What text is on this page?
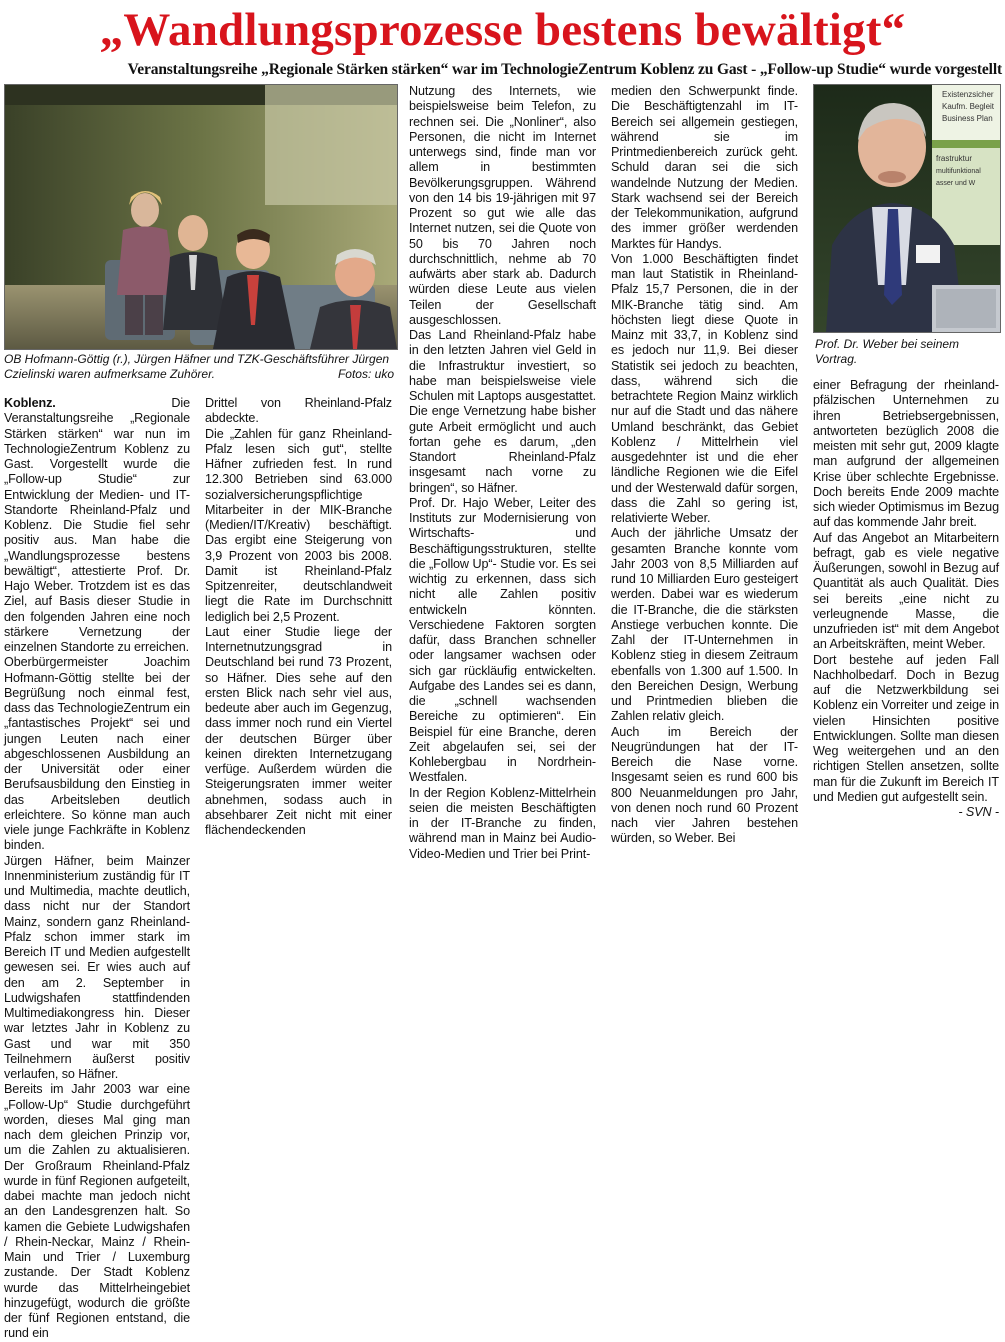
„Wandlungsprozesse bestens bewältigt“
Veranstaltungsreihe „Regionale Stärken stärken“ war im TechnologieZentrum Koblenz zu Gast - „Follow-up Studie“ wurde vorgestellt
OB Hofmann-Göttig (r.), Jürgen Häfner und TZK-Geschäftsführer Jürgen Czielinski waren aufmerksame Zuhörer.	Fotos: uko
Existenzsicher
Kaufm. Begleit
Business Plan
frastruktur
multifunktional
asser und W
Prof. Dr. Weber bei seinem Vortrag.

Koblenz. Die Veranstaltungsreihe „Regionale Stärken stärken“ war nun im TechnologieZentrum Koblenz zu Gast. Vorgestellt wurde die „Follow-up Studie“ zur Entwicklung der Medien- und IT-Standorte Rheinland-Pfalz und Koblenz. Die Studie fiel sehr positiv aus. Man habe die „Wandlungsprozesse bestens bewältigt“, attestierte Prof. Dr. Hajo Weber. Trotzdem ist es das Ziel, auf Basis dieser Studie in den folgenden Jahren eine noch stärkere Vernetzung der einzelnen Standorte zu erreichen.

Oberbürgermeister Joachim Hofmann-Göttig stellte bei der Begrüßung noch einmal fest, dass das TechnologieZentrum ein „fantastisches Projekt“ sei und jungen Leuten nach einer abgeschlossenen Ausbildung an der Universität oder einer Berufsausbildung den Einstieg in das Arbeitsleben deutlich erleichtere. So könne man auch viele junge Fachkräfte in Koblenz binden.

Jürgen Häfner, beim Mainzer Innenministerium zuständig für IT und Multimedia, machte deutlich, dass nicht nur der Standort Mainz, sondern ganz Rheinland-Pfalz schon immer stark im Bereich IT und Medien aufgestellt gewesen sei. Er wies auch auf den am 2. September in Ludwigshafen stattfindenden Multimediakongress hin. Dieser war letztes Jahr in Koblenz zu Gast und war mit 350 Teilnehmern äußerst positiv verlaufen, so Häfner.

Bereits im Jahr 2003 war eine „Follow-Up“ Studie durchgeführt worden, dieses Mal ging man nach dem gleichen Prinzip vor, um die Zahlen zu aktualisieren. Der Großraum Rheinland-Pfalz wurde in fünf Regionen aufgeteilt, dabei machte man jedoch nicht an den Landesgrenzen halt. So kamen die Gebiete Ludwigshafen / Rhein-Neckar, Mainz / Rhein-Main und Trier / Luxemburg zustande. Der Stadt Koblenz wurde das Mittelrheingebiet hinzugefügt, wodurch die größte der fünf Regionen entstand, die rund ein

Drittel von Rheinland-Pfalz abdeckte.

Die „Zahlen für ganz Rheinland-Pfalz lesen sich gut“, stellte Häfner zufrieden fest. In rund 12.300 Betrieben sind 63.000 sozialversicherungspflichtige Mitarbeiter in der MIK-Branche (Medien/IT/Kreativ) beschäftigt. Das ergibt eine Steigerung von 3,9 Prozent von 2003 bis 2008. Damit ist Rheinland-Pfalz Spitzenreiter, deutschlandweit liegt die Rate im Durchschnitt lediglich bei 2,5 Prozent.

Laut einer Studie liege der Internetnutzungsgrad in Deutschland bei rund 73 Prozent, so Häfner. Dies sehe auf den ersten Blick nach sehr viel aus, bedeute aber auch im Gegenzug, dass immer noch rund ein Viertel der deutschen Bürger über keinen direkten Internetzugang verfüge. Außerdem würden die Steigerungsraten immer weiter abnehmen, sodass auch in absehbarer Zeit nicht mit einer flächendeckenden

Nutzung des Internets, wie beispielsweise beim Telefon, zu rechnen sei. Die „Nonliner“, also Personen, die nicht im Internet unterwegs sind, finde man vor allem in bestimmten Bevölkerungsgruppen. Während von den 14 bis 19-jährigen mit 97 Prozent so gut wie alle das Internet nutzen, sei die Quote von 50 bis 70 Jahren noch durchschnittlich, nehme ab 70 aufwärts aber stark ab. Dadurch würden diese Leute aus vielen Teilen der Gesellschaft ausgeschlossen.

Das Land Rheinland-Pfalz habe in den letzten Jahren viel Geld in die Infrastruktur investiert, so habe man beispielsweise viele Schulen mit Laptops ausgestattet. Die enge Vernetzung habe bisher gute Arbeit ermöglicht und auch fortan gehe es darum, „den Standort Rheinland-Pfalz insgesamt nach vorne zu bringen“, so Häfner.

Prof. Dr. Hajo Weber, Leiter des Instituts zur Modernisierung von Wirtschafts- und Beschäftigungsstrukturen, stellte die „Follow Up“- Studie vor. Es sei wichtig zu erkennen, dass sich nicht alle Zahlen positiv entwickeln könnten. Verschiedene Faktoren sorgten dafür, dass Branchen schneller oder langsamer wachsen oder sich gar rückläufig entwickelten. Aufgabe des Landes sei es dann, die „schnell wachsenden Bereiche zu optimieren“. Ein Beispiel für eine Branche, deren Zeit abgelaufen sei, sei der Kohlebergbau in Nordrhein-Westfalen.

In der Region Koblenz-Mittelrhein seien die meisten Beschäftigten in der IT-Branche zu finden, während man in Mainz bei Audio-Video-Medien und Trier bei Print-

medien den Schwerpunkt finde. Die Beschäftigtenzahl im IT-Bereich sei allgemein gestiegen, während sie im Printmedienbereich zurück geht. Schuld daran sei die sich wandelnde Nutzung der Medien. Stark wachsend sei der Bereich der Telekommunikation, aufgrund des immer größer werdenden Marktes für Handys.

Von 1.000 Beschäftigten findet man laut Statistik in Rheinland-Pfalz 15,7 Personen, die in der MIK-Branche tätig sind. Am höchsten liegt diese Quote in Mainz mit 33,7, in Koblenz sind es jedoch nur 11,9. Bei dieser Statistik sei jedoch zu beachten, dass, während sich die betrachtete Region Mainz wirklich nur auf die Stadt und das nähere Umland beschränkt, das Gebiet Koblenz / Mittelrhein viel ausgedehnter ist und die eher ländliche Regionen wie die Eifel und der Westerwald dafür sorgen, dass die Zahl so gering ist, relativierte Weber.

Auch der jährliche Umsatz der gesamten Branche konnte vom Jahr 2003 von 8,5 Milliarden auf rund 10 Milliarden Euro gesteigert werden. Dabei war es wiederum die IT-Branche, die die stärksten Anstiege verbuchen konnte. Die Zahl der IT-Unternehmen in Koblenz stieg in diesem Zeitraum ebenfalls von 1.300 auf 1.500. In den Bereichen Design, Werbung und Printmedien blieben die Zahlen relativ gleich.

Auch im Bereich der Neugründungen hat der IT-Bereich die Nase vorne. Insgesamt seien es rund 600 bis 800 Neuanmeldungen pro Jahr, von denen noch rund 60 Prozent nach vier Jahren bestehen würden, so Weber. Bei

einer Befragung der rheinland-pfälzischen Unternehmen zu ihren Betriebsergebnissen, antworteten bezüglich 2008 die meisten mit sehr gut, 2009 klagte man aufgrund der allgemeinen Krise über schlechte Ergebnisse. Doch bereits Ende 2009 machte sich wieder Optimismus im Bezug auf das kommende Jahr breit.

Auf das Angebot an Mitarbeitern befragt, gab es viele negative Äußerungen, sowohl in Bezug auf Quantität als auch Qualität. Dies sei bereits „eine nicht zu verleugnende Masse, die unzufrieden ist“ mit dem Angebot an Arbeitskräften, meint Weber.

Dort bestehe auf jeden Fall Nachholbedarf. Doch in Bezug auf die Netzwerkbildung sei Koblenz ein Vorreiter und zeige in vielen Hinsichten positive Entwicklungen. Sollte man diesen Weg weitergehen und an den richtigen Stellen ansetzen, sollte man für die Zukunft im Bereich IT und Medien gut aufgestellt sein.

- SVN -
